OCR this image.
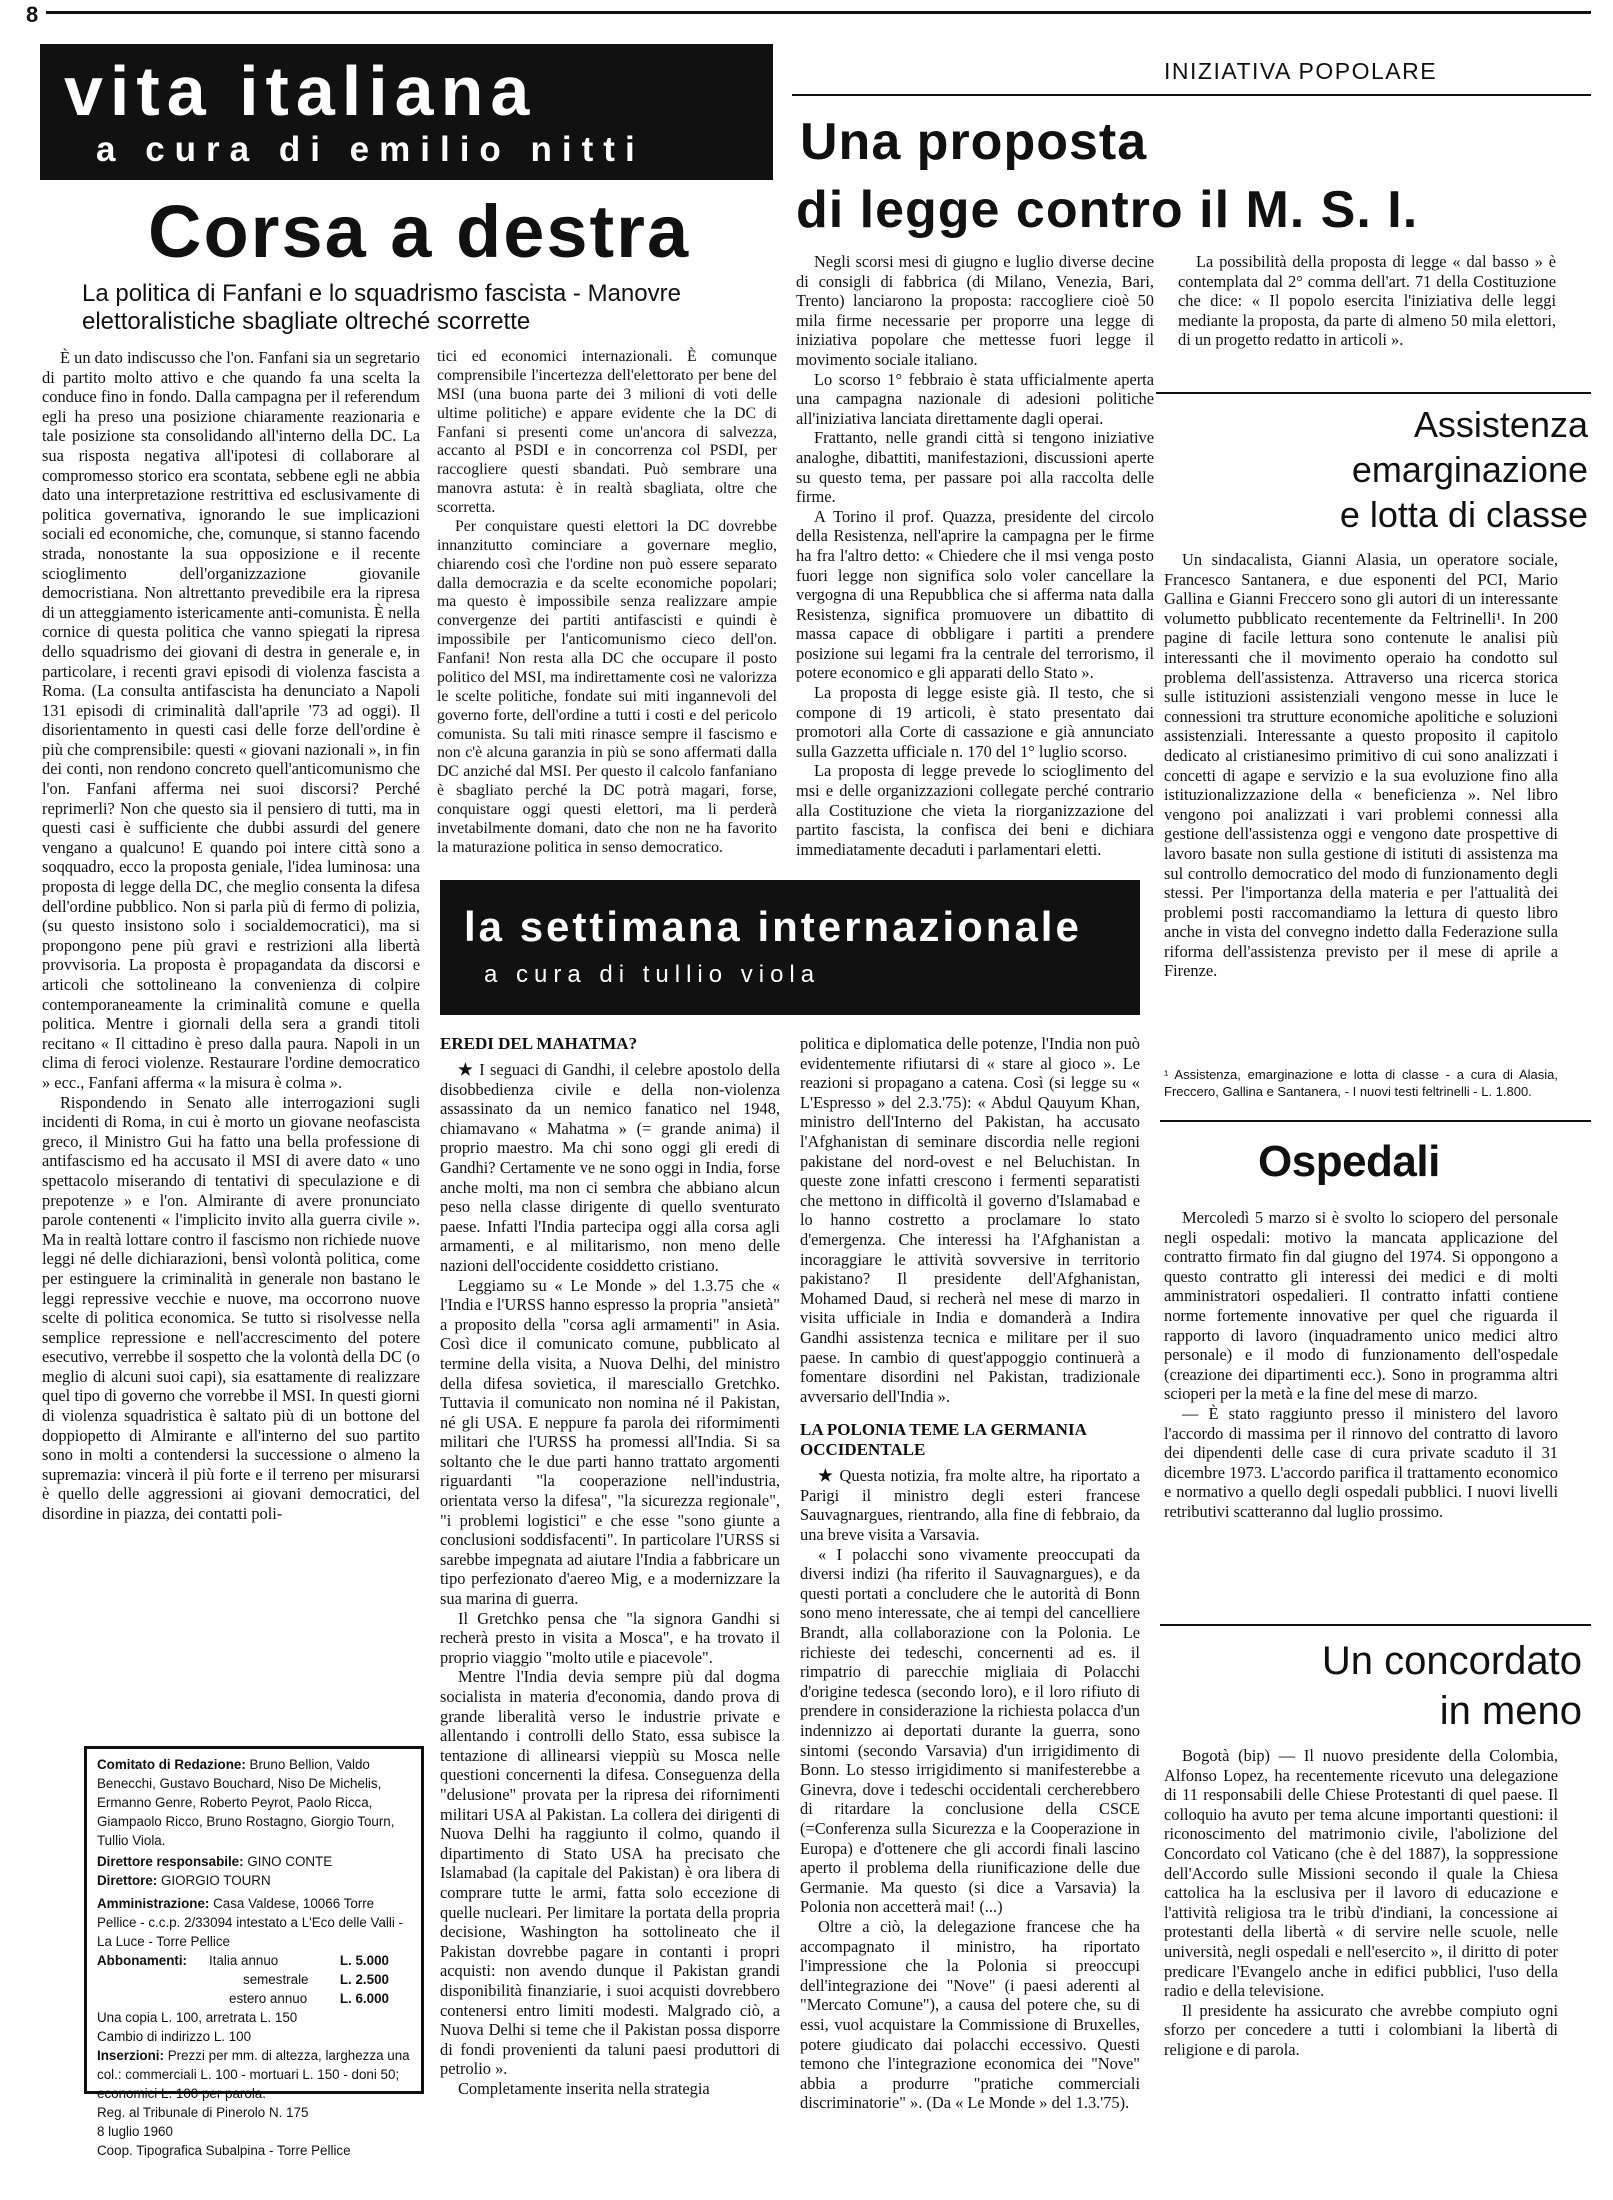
8
vita italiana
a cura di emilio nitti
INIZIATIVA POPOLARE
Corsa a destra
La politica di Fanfani e lo squadrismo fascista - Manovre elettoralistiche sbagliate oltreché scorrette

È un dato indiscusso che l'on. Fanfani sia un segretario di partito molto attivo e che quando fa una scelta la conduce fino in fondo. Dalla campagna per il referendum egli ha preso una posizione chiaramente reazionaria e tale posizione sta consolidando all'interno della DC. La sua risposta negativa all'ipotesi di collaborare al compromesso storico era scontata, sebbene egli ne abbia dato una interpretazione restrittiva ed esclusivamente di politica governativa, ignorando le sue implicazioni sociali ed economiche, che, comunque, si stanno facendo strada, nonostante la sua opposizione e il recente scioglimento dell'organizzazione giovanile democristiana. Non altrettanto prevedibile era la ripresa di un atteggiamento istericamente anti-comunista. È nella cornice di questa politica che vanno spiegati la ripresa dello squadrismo dei giovani di destra in generale e, in particolare, i recenti gravi episodi di violenza fascista a Roma. (La consulta antifascista ha denunciato a Napoli 131 episodi di criminalità dall'aprile '73 ad oggi). Il disorientamento in questi casi delle forze dell'ordine è più che comprensibile: questi « giovani nazionali », in fin dei conti, non rendono concreto quell'anticomunismo che l'on. Fanfani afferma nei suoi discorsi? Perché reprimerli? Non che questo sia il pensiero di tutti, ma in questi casi è sufficiente che dubbi assurdi del genere vengano a qualcuno! E quando poi intere città sono a soqquadro, ecco la proposta geniale, l'idea luminosa: una proposta di legge della DC, che meglio consenta la difesa dell'ordine pubblico. Non si parla più di fermo di polizia, (su questo insistono solo i socialdemocratici), ma si propongono pene più gravi e restrizioni alla libertà provvisoria. La proposta è propagandata da discorsi e articoli che sottolineano la convenienza di colpire contemporaneamente la criminalità comune e quella politica. Mentre i giornali della sera a grandi titoli recitano « Il cittadino è preso dalla paura. Napoli in un clima di feroci violenze. Restaurare l'ordine democratico » ecc., Fanfani afferma « la misura è colma ».

Rispondendo in Senato alle interrogazioni sugli incidenti di Roma, in cui è morto un giovane neofascista greco, il Ministro Gui ha fatto una bella professione di antifascismo ed ha accusato il MSI di avere dato « uno spettacolo miserando di tentativi di speculazione e di prepotenze » e l'on. Almirante di avere pronunciato parole contenenti « l'implicito invito alla guerra civile ». Ma in realtà lottare contro il fascismo non richiede nuove leggi né delle dichiarazioni, bensì volontà politica, come per estinguere la criminalità in generale non bastano le leggi repressive vecchie e nuove, ma occorrono nuove scelte di politica economica. Se tutto si risolvesse nella semplice repressione e nell'accrescimento del potere esecutivo, verrebbe il sospetto che la volontà della DC (o meglio di alcuni suoi capi), sia esattamente di realizzare quel tipo di governo che vorrebbe il MSI. In questi giorni di violenza squadristica è saltato più di un bottone del doppiopetto di Almirante e all'interno del suo partito sono in molti a contendersi la successione o almeno la supremazia: vincerà il più forte e il terreno per misurarsi è quello delle aggressioni ai giovani democratici, del disordine in piazza, dei contatti poli-

tici ed economici internazionali. È comunque comprensibile l'incertezza dell'elettorato per bene del MSI (una buona parte dei 3 milioni di voti delle ultime politiche) e appare evidente che la DC di Fanfani si presenti come un'ancora di salvezza, accanto al PSDI e in concorrenza col PSDI, per raccogliere questi sbandati. Può sembrare una manovra astuta: è in realtà sbagliata, oltre che scorretta.

Per conquistare questi elettori la DC dovrebbe innanzitutto cominciare a governare meglio, chiarendo così che l'ordine non può essere separato dalla democrazia e da scelte economiche popolari; ma questo è impossibile senza realizzare ampie convergenze dei partiti antifascisti e quindi è impossibile per l'anticomunismo cieco dell'on. Fanfani! Non resta alla DC che occupare il posto politico del MSI, ma indirettamente così ne valorizza le scelte politiche, fondate sui miti ingannevoli del governo forte, dell'ordine a tutti i costi e del pericolo comunista. Su tali miti rinasce sempre il fascismo e non c'è alcuna garanzia in più se sono affermati dalla DC anziché dal MSI. Per questo il calcolo fanfaniano è sbagliato perché la DC potrà magari, forse, conquistare oggi questi elettori, ma li perderà invetabilmente domani, dato che non ne ha favorito la maturazione politica in senso democratico.

Comitato di Redazione: Bruno Bellion, Valdo Benecchi, Gustavo Bouchard, Niso De Michelis, Ermanno Genre, Roberto Peyrot, Paolo Ricca, Giampaolo Ricco, Bruno Rostagno, Giorgio Tourn, Tullio Viola.
Direttore responsabile: GINO CONTE
Direttore: GIORGIO TOURN
Amministrazione: Casa Valdese, 10066 Torre Pellice - c.c.p. 2/33094 intestato a L'Eco delle Valli - La Luce - Torre Pellice
Abbonamenti:	Italia annuo	L. 5.000
semestrale L. 2.500
estero annuo L. 6.000
Una copia L. 100, arretrata L. 150
Cambio di indirizzo L. 100
Inserzioni: Prezzi per mm. di altezza, larghezza una col.: commerciali L. 100 - mortuari L. 150 - doni 50; economici L. 100 per parola.
Reg. al Tribunale di Pinerolo N. 175
8 luglio 1960
Coop. Tipografica Subalpina - Torre Pellice
Una proposta
di legge contro il M. S. I.

Negli scorsi mesi di giugno e luglio diverse decine di consigli di fabbrica (di Milano, Venezia, Bari, Trento) lanciarono la proposta: raccogliere cioè 50 mila firme necessarie per proporre una legge di iniziativa popolare che mettesse fuori legge il movimento sociale italiano.

Lo scorso 1° febbraio è stata ufficialmente aperta una campagna nazionale di adesioni politiche all'iniziativa lanciata direttamente dagli operai.

Frattanto, nelle grandi città si tengono iniziative analoghe, dibattiti, manifestazioni, discussioni aperte su questo tema, per passare poi alla raccolta delle firme.

A Torino il prof. Quazza, presidente del circolo della Resistenza, nell'aprire la campagna per le firme ha fra l'altro detto: « Chiedere che il msi venga posto fuori legge non significa solo voler cancellare la vergogna di una Repubblica che si afferma nata dalla Resistenza, significa promuovere un dibattito di massa capace di obbligare i partiti a prendere posizione sui legami fra la centrale del terrorismo, il potere economico e gli apparati dello Stato ».

La proposta di legge esiste già. Il testo, che si compone di 19 articoli, è stato presentato dai promotori alla Corte di cassazione e già annunciato sulla Gazzetta ufficiale n. 170 del 1° luglio scorso.

La proposta di legge prevede lo scioglimento del msi e delle organizzazioni collegate perché contrario alla Costituzione che vieta la riorganizzazione del partito fascista, la confisca dei beni e dichiara immediatamente decaduti i parlamentari eletti.

La possibilità della proposta di legge « dal basso » è contemplata dal 2° comma dell'art. 71 della Costituzione che dice: « Il popolo esercita l'iniziativa delle leggi mediante la proposta, da parte di almeno 50 mila elettori, di un progetto redatto in articoli ».

Assistenza
emarginazione
e lotta di classe

Un sindacalista, Gianni Alasia, un operatore sociale, Francesco Santanera, e due esponenti del PCI, Mario Gallina e Gianni Freccero sono gli autori di un interessante volumetto pubblicato recentemente da Feltrinelli¹. In 200 pagine di facile lettura sono contenute le analisi più interessanti che il movimento operaio ha condotto sul problema dell'assistenza. Attraverso una ricerca storica sulle istituzioni assistenziali vengono messe in luce le connessioni tra strutture economiche apolitiche e soluzioni assistenziali. Interessante a questo proposito il capitolo dedicato al cristianesimo primitivo di cui sono analizzati i concetti di agape e servizio e la sua evoluzione fino alla istituzionalizzazione della « beneficienza ». Nel libro vengono poi analizzati i vari problemi connessi alla gestione dell'assistenza oggi e vengono date prospettive di lavoro basate non sulla gestione di istituti di assistenza ma sul controllo democratico del modo di funzionamento degli stessi. Per l'importanza della materia e per l'attualità dei problemi posti raccomandiamo la lettura di questo libro anche in vista del convegno indetto dalla Federazione sulla riforma dell'assistenza previsto per il mese di aprile a Firenze.

¹ Assistenza, emarginazione e lotta di classe - a cura di Alasia, Freccero, Gallina e Santanera, - I nuovi testi feltrinelli - L. 1.800.
Ospedali

Mercoledì 5 marzo si è svolto lo sciopero del personale negli ospedali: motivo la mancata applicazione del contratto firmato fin dal giugno del 1974. Si oppongono a questo contratto gli interessi dei medici e di molti amministratori ospedalieri. Il contratto infatti contiene norme fortemente innovative per quel che riguarda il rapporto di lavoro (inquadramento unico medici altro personale) e il modo di funzionamento dell'ospedale (creazione dei dipartimenti ecc.). Sono in programma altri scioperi per la metà e la fine del mese di marzo.

— È stato raggiunto presso il ministero del lavoro l'accordo di massima per il rinnovo del contratto di lavoro dei dipendenti delle case di cura private scaduto il 31 dicembre 1973. L'accordo parifica il trattamento economico e normativo a quello degli ospedali pubblici. I nuovi livelli retributivi scatteranno dal luglio prossimo.

Un concordato
in meno

Bogotà (bip) — Il nuovo presidente della Colombia, Alfonso Lopez, ha recentemente ricevuto una delegazione di 11 responsabili delle Chiese Protestanti di quel paese. Il colloquio ha avuto per tema alcune importanti questioni: il riconoscimento del matrimonio civile, l'abolizione del Concordato col Vaticano (che è del 1887), la soppressione dell'Accordo sulle Missioni secondo il quale la Chiesa cattolica ha la esclusiva per il lavoro di educazione e l'attività religiosa tra le tribù d'indiani, la concessione ai protestanti della libertà « di servire nelle scuole, nelle università, negli ospedali e nell'esercito », il diritto di poter predicare l'Evangelo anche in edifici pubblici, l'uso della radio e della televisione.

Il presidente ha assicurato che avrebbe compiuto ogni sforzo per concedere a tutti i colombiani la libertà di religione e di parola.

la settimana internazionale
a cura di tullio viola
EREDI DEL MAHATMA?

★ I seguaci di Gandhi, il celebre apostolo della disobbedienza civile e della non-violenza assassinato da un nemico fanatico nel 1948, chiamavano « Mahatma » (= grande anima) il proprio maestro. Ma chi sono oggi gli eredi di Gandhi? Certamente ve ne sono oggi in India, forse anche molti, ma non ci sembra che abbiano alcun peso nella classe dirigente di quello sventurato paese. Infatti l'India partecipa oggi alla corsa agli armamenti, e al militarismo, non meno delle nazioni dell'occidente cosiddetto cristiano.

Leggiamo su « Le Monde » del 1.3.75 che « l'India e l'URSS hanno espresso la propria "ansietà" a proposito della "corsa agli armamenti" in Asia. Così dice il comunicato comune, pubblicato al termine della visita, a Nuova Delhi, del ministro della difesa sovietica, il maresciallo Gretchko. Tuttavia il comunicato non nomina né il Pakistan, né gli USA. E neppure fa parola dei riformimenti militari che l'URSS ha promessi all'India. Si sa soltanto che le due parti hanno trattato argomenti riguardanti "la cooperazione nell'industria, orientata verso la difesa", "la sicurezza regionale", "i problemi logistici" e che esse "sono giunte a conclusioni soddisfacenti". In particolare l'URSS si sarebbe impegnata ad aiutare l'India a fabbricare un tipo perfezionato d'aereo Mig, e a modernizzare la sua marina di guerra.

Il Gretchko pensa che "la signora Gandhi si recherà presto in visita a Mosca", e ha trovato il proprio viaggio "molto utile e piacevole".

Mentre l'India devia sempre più dal dogma socialista in materia d'economia, dando prova di grande liberalità verso le industrie private e allentando i controlli dello Stato, essa subisce la tentazione di allinearsi vieppiù su Mosca nelle questioni concernenti la difesa. Conseguenza della "delusione" provata per la ripresa dei rifornimenti militari USA al Pakistan. La collera dei dirigenti di Nuova Delhi ha raggiunto il colmo, quando il dipartimento di Stato USA ha precisato che Islamabad (la capitale del Pakistan) è ora libera di comprare tutte le armi, fatta solo eccezione di quelle nucleari. Per limitare la portata della propria decisione, Washington ha sottolineato che il Pakistan dovrebbe pagare in contanti i propri acquisti: non avendo dunque il Pakistan grandi disponibilità finanziarie, i suoi acquisti dovrebbero contenersi entro limiti modesti. Malgrado ciò, a Nuova Delhi si teme che il Pakistan possa disporre di fondi provenienti da taluni paesi produttori di petrolio ».

Completamente inserita nella strategia

politica e diplomatica delle potenze, l'India non può evidentemente rifiutarsi di « stare al gioco ». Le reazioni si propagano a catena. Così (si legge su « L'Espresso » del 2.3.'75): « Abdul Qauyum Khan, ministro dell'Interno del Pakistan, ha accusato l'Afghanistan di seminare discordia nelle regioni pakistane del nord-ovest e nel Beluchistan. In queste zone infatti crescono i fermenti separatisti che mettono in difficoltà il governo d'Islamabad e lo hanno costretto a proclamare lo stato d'emergenza. Che interessi ha l'Afghanistan a incoraggiare le attività sovversive in territorio pakistano? Il presidente dell'Afghanistan, Mohamed Daud, si recherà nel mese di marzo in visita ufficiale in India e domanderà a Indira Gandhi assistenza tecnica e militare per il suo paese. In cambio di quest'appoggio continuerà a fomentare disordini nel Pakistan, tradizionale avversario dell'India ».

LA POLONIA TEME LA GERMANIA OCCIDENTALE

★ Questa notizia, fra molte altre, ha riportato a Parigi il ministro degli esteri francese Sauvagnargues, rientrando, alla fine di febbraio, da una breve visita a Varsavia.

« I polacchi sono vivamente preoccupati da diversi indizi (ha riferito il Sauvagnargues), e da questi portati a concludere che le autorità di Bonn sono meno interessate, che ai tempi del cancelliere Brandt, alla collaborazione con la Polonia. Le richieste dei tedeschi, concernenti ad es. il rimpatrio di parecchie migliaia di Polacchi d'origine tedesca (secondo loro), e il loro rifiuto di prendere in considerazione la richiesta polacca d'un indennizzo ai deportati durante la guerra, sono sintomi (secondo Varsavia) d'un irrigidimento di Bonn. Lo stesso irrigidimento si manifesterebbe a Ginevra, dove i tedeschi occidentali cercherebbero di ritardare la conclusione della CSCE (=Conferenza sulla Sicurezza e la Cooperazione in Europa) e d'ottenere che gli accordi finali lascino aperto il problema della riunificazione delle due Germanie. Ma questo (si dice a Varsavia) la Polonia non accetterà mai! (...)

Oltre a ciò, la delegazione francese che ha accompagnato il ministro, ha riportato l'impressione che la Polonia si preoccupi dell'integrazione dei "Nove" (i paesi aderenti al "Mercato Comune"), a causa del potere che, su di essi, vuol acquistare la Commissione di Bruxelles, potere giudicato dai polacchi eccessivo. Questi temono che l'integrazione economica dei "Nove" abbia a produrre "pratiche commerciali discriminatorie" ». (Da « Le Monde » del 1.3.'75).
